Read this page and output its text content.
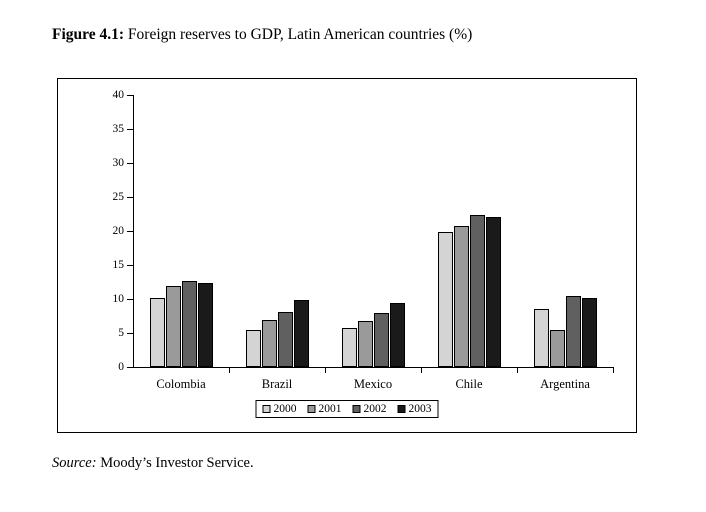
Figure 4.1: Foreign reserves to GDP, Latin American countries (%)
0
5
10
15
20
25
30
35
40
Colombia	Brazil	Mexico	Chile	Argentina
2000 2001 2002 2003
Source: Moody’s Investor Service.
